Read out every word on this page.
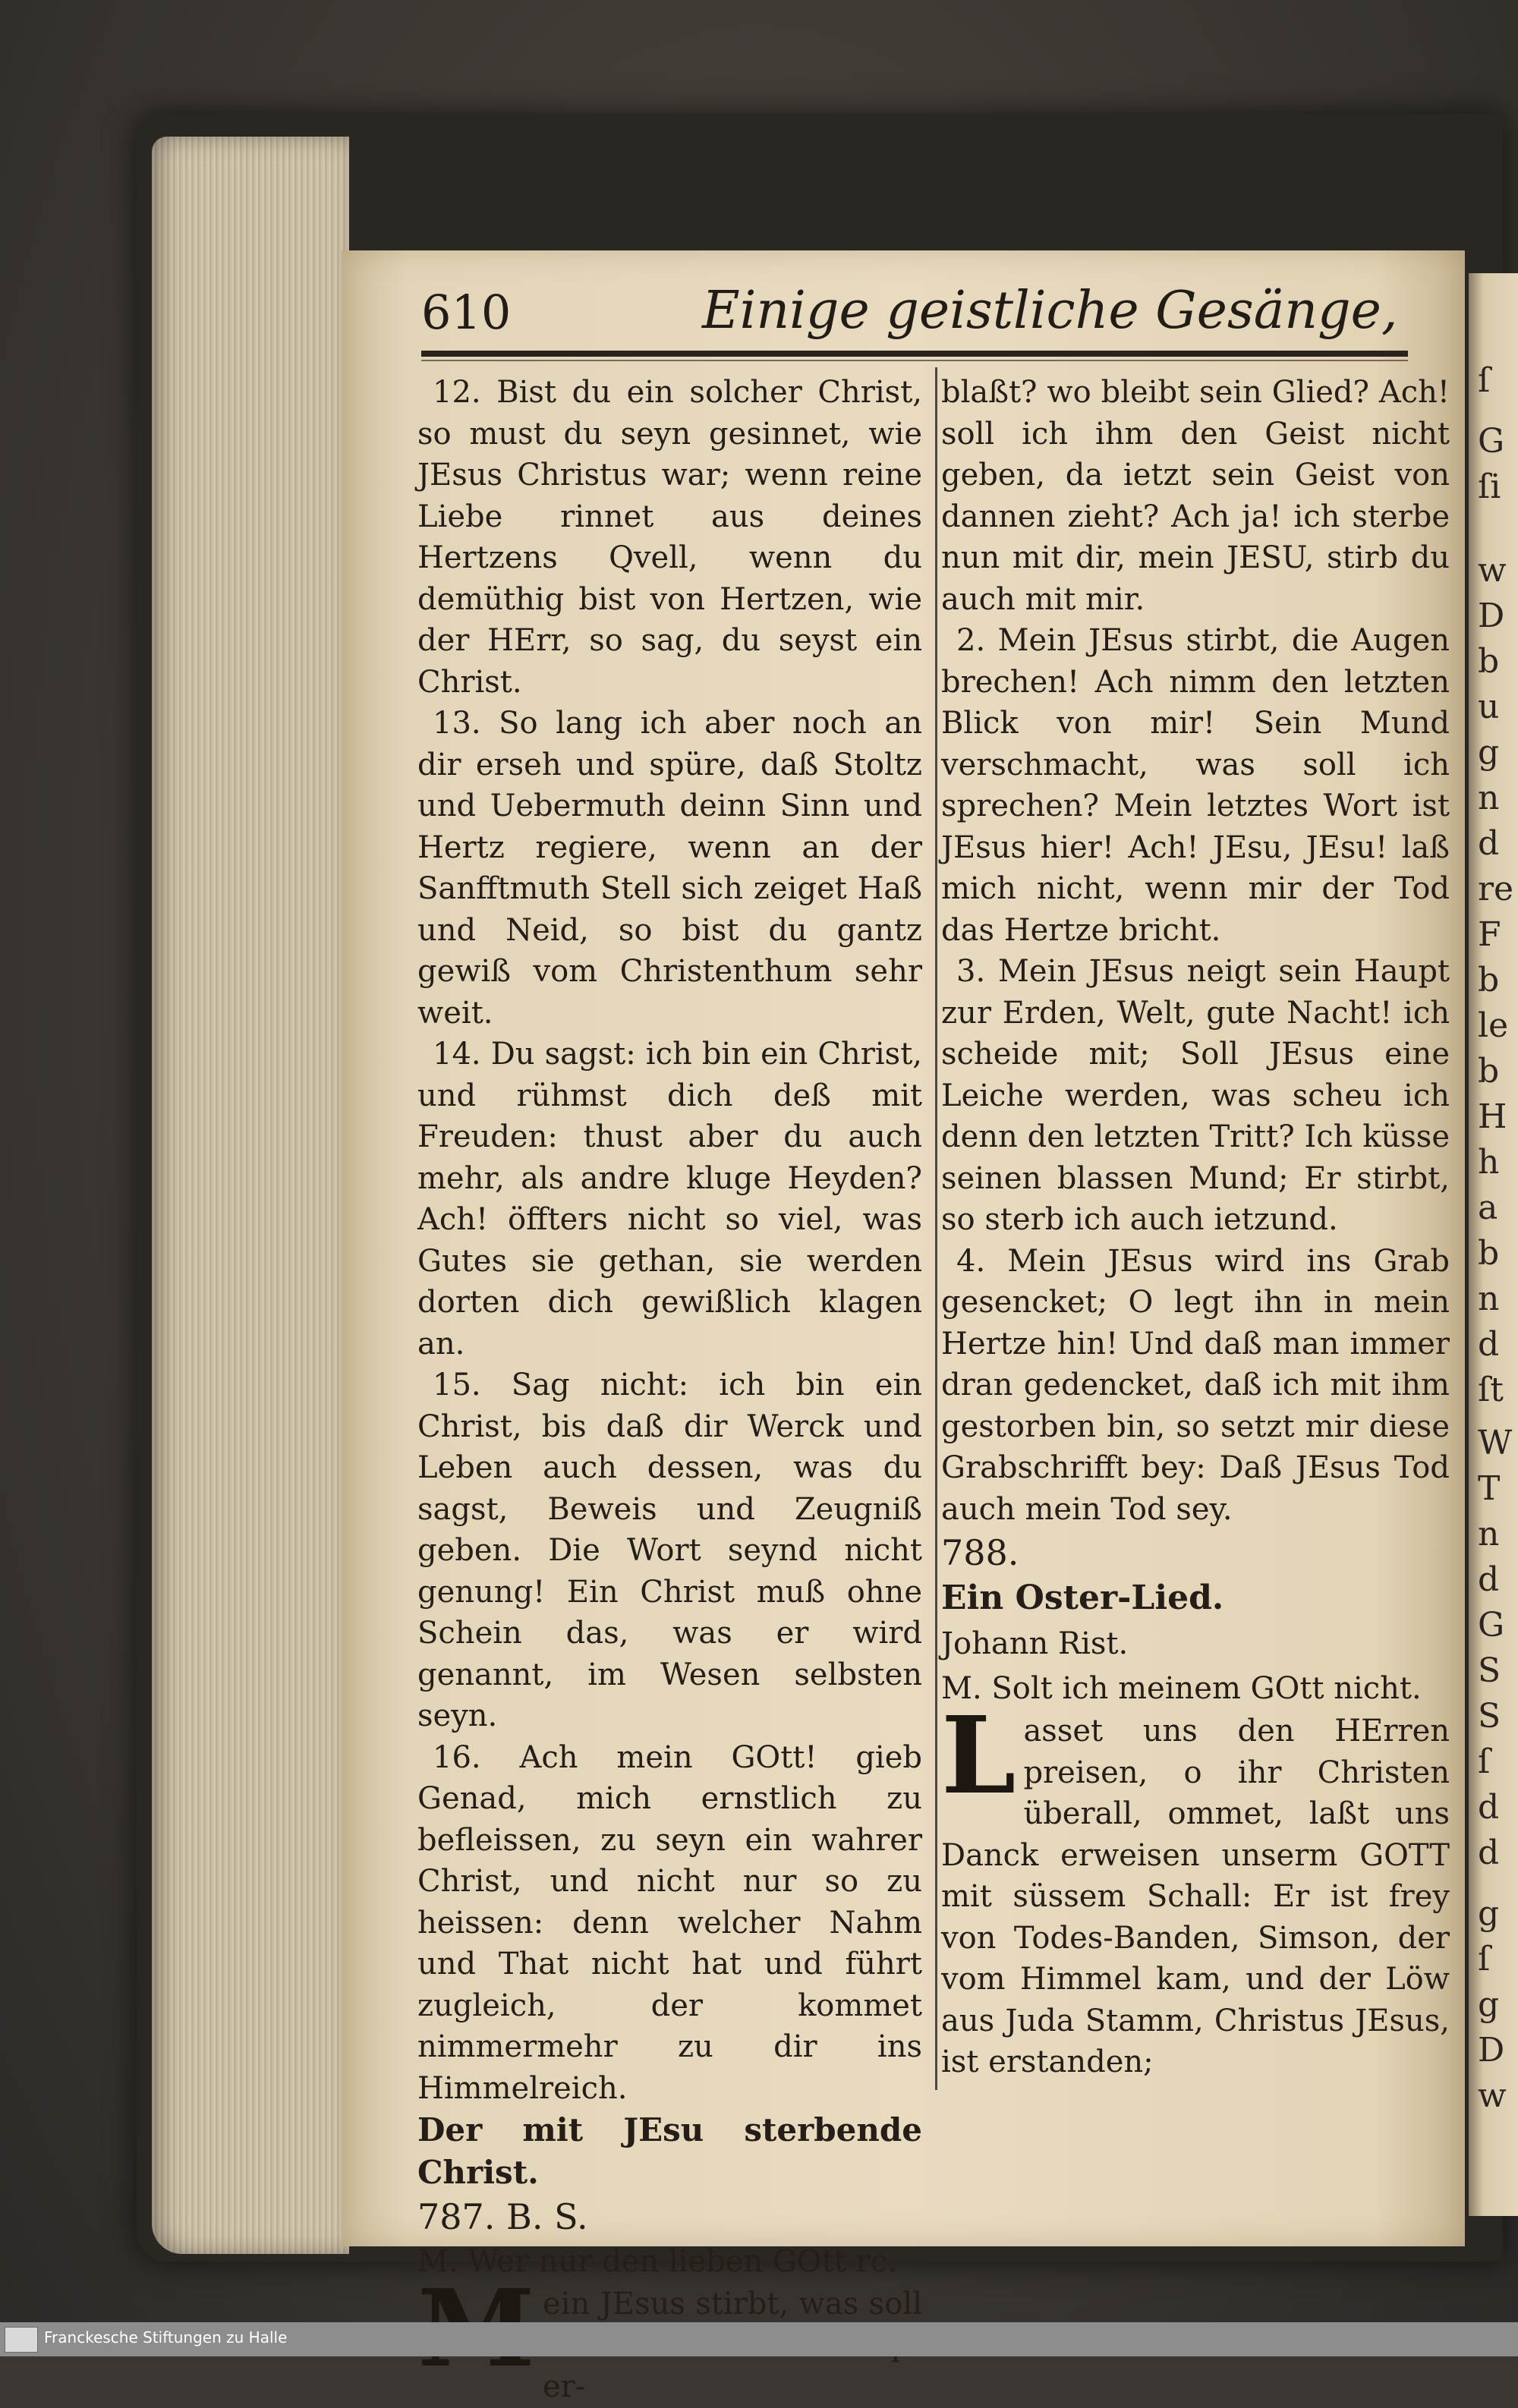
ſ
G
ſi
w
D
b
u
g
n
d
re
F
b
le
b
H
h
a
b
n
d
ſt
W
T
n
d
G
S
S
ſ
d
d
g
ſ
g
D
w
610	Einige geistliche Gesänge,

12. Bist du ein solcher Christ, so must du seyn gesinnet, wie JEsus Christus war; wenn reine Liebe rinnet aus deines Hertzens Qvell, wenn du demüthig bist von Hertzen, wie der HErr, so sag, du seyst ein Christ.

13. So lang ich aber noch an dir erseh und spüre, daß Stoltz und Uebermuth deinn Sinn und Hertz regiere, wenn an der Sanfftmuth Stell sich zeiget Haß und Neid, so bist du gantz gewiß vom Christenthum sehr weit.

14. Du sagst: ich bin ein Christ, und rühmst dich deß mit Freuden: thust aber du auch mehr, als andre kluge Heyden? Ach! öffters nicht so viel, was Gutes sie gethan, sie werden dorten dich gewißlich klagen an.

15. Sag nicht: ich bin ein Christ, bis daß dir Werck und Leben auch dessen, was du sagst, Beweis und Zeugniß geben. Die Wort seynd nicht genung! Ein Christ muß ohne Schein das, was er wird genannt, im Wesen selbsten seyn.

16. Ach mein GOtt! gieb Genad, mich ernstlich zu befleissen, zu seyn ein wahrer Christ, und nicht nur so zu heissen: denn welcher Nahm und That nicht hat und führt zugleich, der kommet nimmermehr zu dir ins Himmelreich.

Der mit JEsu sterbende Christ.

787. B. S.

M. Wer nur den lieben GOtt rc.

ein JEsus stirbt, was soll er-

blaßt? wo bleibt sein Glied? Ach! soll ich ihm den Geist nicht geben, da ietzt sein Geist von dannen zieht? Ach ja! ich sterbe nun mit dir, mein JESU, stirb du auch mit mir.

2. Mein JEsus stirbt, die Augen brechen! Ach nimm den letzten Blick von mir! Sein Mund verschmacht, was soll ich sprechen? Mein letztes Wort ist JEsus hier! Ach! JEsu, JEsu! laß mich nicht, wenn mir der Tod das Hertze bricht.

3. Mein JEsus neigt sein Haupt zur Erden, Welt, gute Nacht! ich scheide mit; Soll JEsus eine Leiche werden, was scheu ich denn den letzten Tritt? Ich küsse seinen blassen Mund; Er stirbt, so sterb ich auch ietzund.

4. Mein JEsus wird ins Grab gesencket; O legt ihn in mein Hertze hin! Und daß man immer dran gedencket, daß ich mit ihm gestorben bin, so setzt mir diese Grabschrifft bey: Daß JEsus Tod auch mein Tod sey.

788.

Ein Oster-Lied.

Johann Rist.

M. Solt ich meinem GOtt nicht.

Lasset uns den HErren preisen, o ihr Christen überall, ommet, laßt uns Danck erweisen unserm GOTT mit süssem Schall: Er ist frey von Todes-Banden, Simson, der vom Himmel kam, und der Löw aus Juda Stamm, Christus JEsus, ist erstanden;

Franckesche Stiftungen zu Halle
